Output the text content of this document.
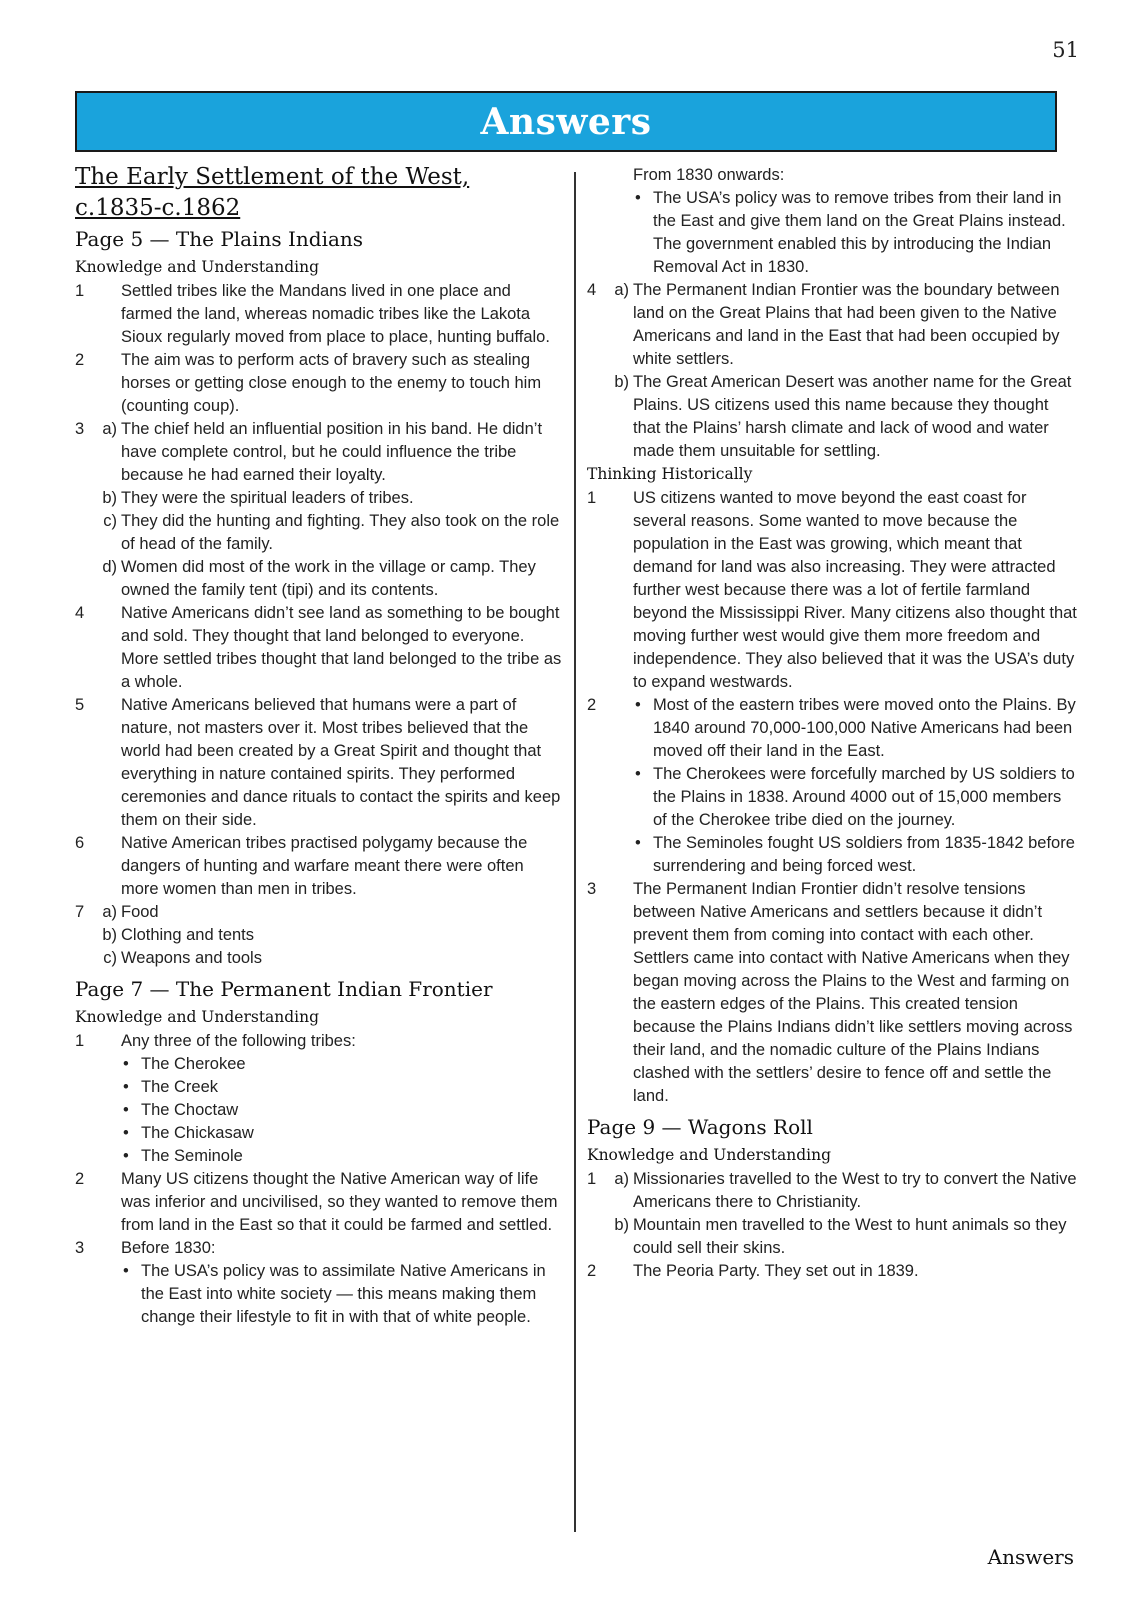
51
Answers
The Early Settlement of the West,
c.1835-c.1862
Page 5 — The Plains Indians
Knowledge and Understanding
1	Settled tribes like the Mandans lived in one place and farmed the land, whereas nomadic tribes like the Lakota Sioux regularly moved from place to place, hunting buffalo.
2	The aim was to perform acts of bravery such as stealing horses or getting close enough to the enemy to touch him (counting coup).
3	a) The chief held an influential position in his band. He didn’t have complete control, but he could influence the tribe because he had earned their loyalty.
b) They were the spiritual leaders of tribes.
c) They did the hunting and fighting. They also took on the role of head of the family.
d) Women did most of the work in the village or camp. They owned the family tent (tipi) and its contents.
4	Native Americans didn’t see land as something to be bought and sold. They thought that land belonged to everyone. More settled tribes thought that land belonged to the tribe as a whole.
5	Native Americans believed that humans were a part of nature, not masters over it. Most tribes believed that the world had been created by a Great Spirit and thought that everything in nature contained spirits. They performed ceremonies and dance rituals to contact the spirits and keep them on their side.
6	Native American tribes practised polygamy because the dangers of hunting and warfare meant there were often more women than men in tribes.
7	a) Food
b) Clothing and tents
c) Weapons and tools
Page 7 — The Permanent Indian Frontier
Knowledge and Understanding
1	Any three of the following tribes:
• The Cherokee
• The Creek
• The Choctaw
• The Chickasaw
• The Seminole
2	Many US citizens thought the Native American way of life was inferior and uncivilised, so they wanted to remove them from land in the East so that it could be farmed and settled.
3	Before 1830:
• The USA’s policy was to assimilate Native Americans in the East into white society — this means making them change their lifestyle to fit in with that of white people.
From 1830 onwards:
• The USA’s policy was to remove tribes from their land in the East and give them land on the Great Plains instead. The government enabled this by introducing the Indian Removal Act in 1830.
4	a) The Permanent Indian Frontier was the boundary between land on the Great Plains that had been given to the Native Americans and land in the East that had been occupied by white settlers.
b) The Great American Desert was another name for the Great Plains. US citizens used this name because they thought that the Plains’ harsh climate and lack of wood and water made them unsuitable for settling.
Thinking Historically
1	US citizens wanted to move beyond the east coast for several reasons. Some wanted to move because the population in the East was growing, which meant that demand for land was also increasing. They were attracted further west because there was a lot of fertile farmland beyond the Mississippi River. Many citizens also thought that moving further west would give them more freedom and independence. They also believed that it was the USA’s duty to expand westwards.
2
•	Most of the eastern tribes were moved onto the Plains. By 1840 around 70,000-100,000 Native Americans had been moved off their land in the East.
• The Cherokees were forcefully marched by US soldiers to the Plains in 1838. Around 4000 out of 15,000 members of the Cherokee tribe died on the journey.
• The Seminoles fought US soldiers from 1835-1842 before surrendering and being forced west.
3	The Permanent Indian Frontier didn’t resolve tensions between Native Americans and settlers because it didn’t prevent them from coming into contact with each other. Settlers came into contact with Native Americans when they began moving across the Plains to the West and farming on the eastern edges of the Plains. This created tension because the Plains Indians didn’t like settlers moving across their land, and the nomadic culture of the Plains Indians clashed with the settlers’ desire to fence off and settle the land.
Page 9 — Wagons Roll
Knowledge and Understanding
1	a) Missionaries travelled to the West to try to convert the Native Americans there to Christianity.
b) Mountain men travelled to the West to hunt animals so they could sell their skins.
2	The Peoria Party. They set out in 1839.
Answers
